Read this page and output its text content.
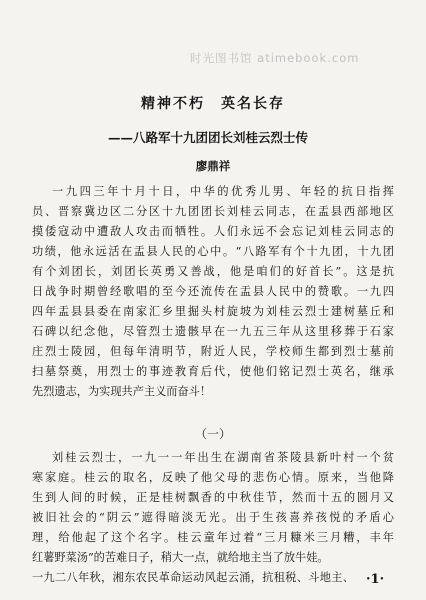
时光图书馆 atimebook.com
精神不朽　英名长存
——八路军十九团团长刘桂云烈士传
廖鼎祥
一九四三年十月十日，中华的优秀儿男、年轻的抗日指挥
员、晋察冀边区二分区十九团团长刘桂云同志，在盂县西部地区
摸倭寇动中遭敌人攻击而牺牲。人们永远不会忘记刘桂云同志的
功绩，他永远活在盂县人民的心中。“八路军有个十九团，十九团
有个刘团长，刘团长英勇又善战，他是咱们的好首长”。这是抗
日战争时期曾经歌唱的至今还流传在盂县人民中的赞歌。一九四
四年盂县县委在南家汇乡里掘头村旋坡为刘桂云烈士建树墓丘和
石碑以纪念他，尽管烈士遗骸早在一九五三年从这里移葬于石家
庄烈士陵园，但每年清明节，附近人民，学校师生都到烈士墓前
扫墓祭奠，用烈士的事迹教育后代，使他们铭记烈士英名，继承
先烈遗志，为实现共产主义而奋斗！
（一）
刘桂云烈士，一九一一年出生在湖南省茶陵县新叶村一个贫
寒家庭。桂云的取名，反映了他父母的悲伤心情。原来，当他降
生到人间的时候，正是桂树飘香的中秋佳节，然而十五的圆月又
被旧社会的“阴云”遮得暗淡无光。出于生孩喜养孩悦的矛盾心
理，给他起了这个名字。桂云童年过着“三月糠米三月糟，丰年
红薯野菜汤”的苦难日子，稍大一点，就给地主当了放牛娃。
一九二八年秋，湘东农民革命运动风起云涌，抗租税、斗地主、 ·1·
